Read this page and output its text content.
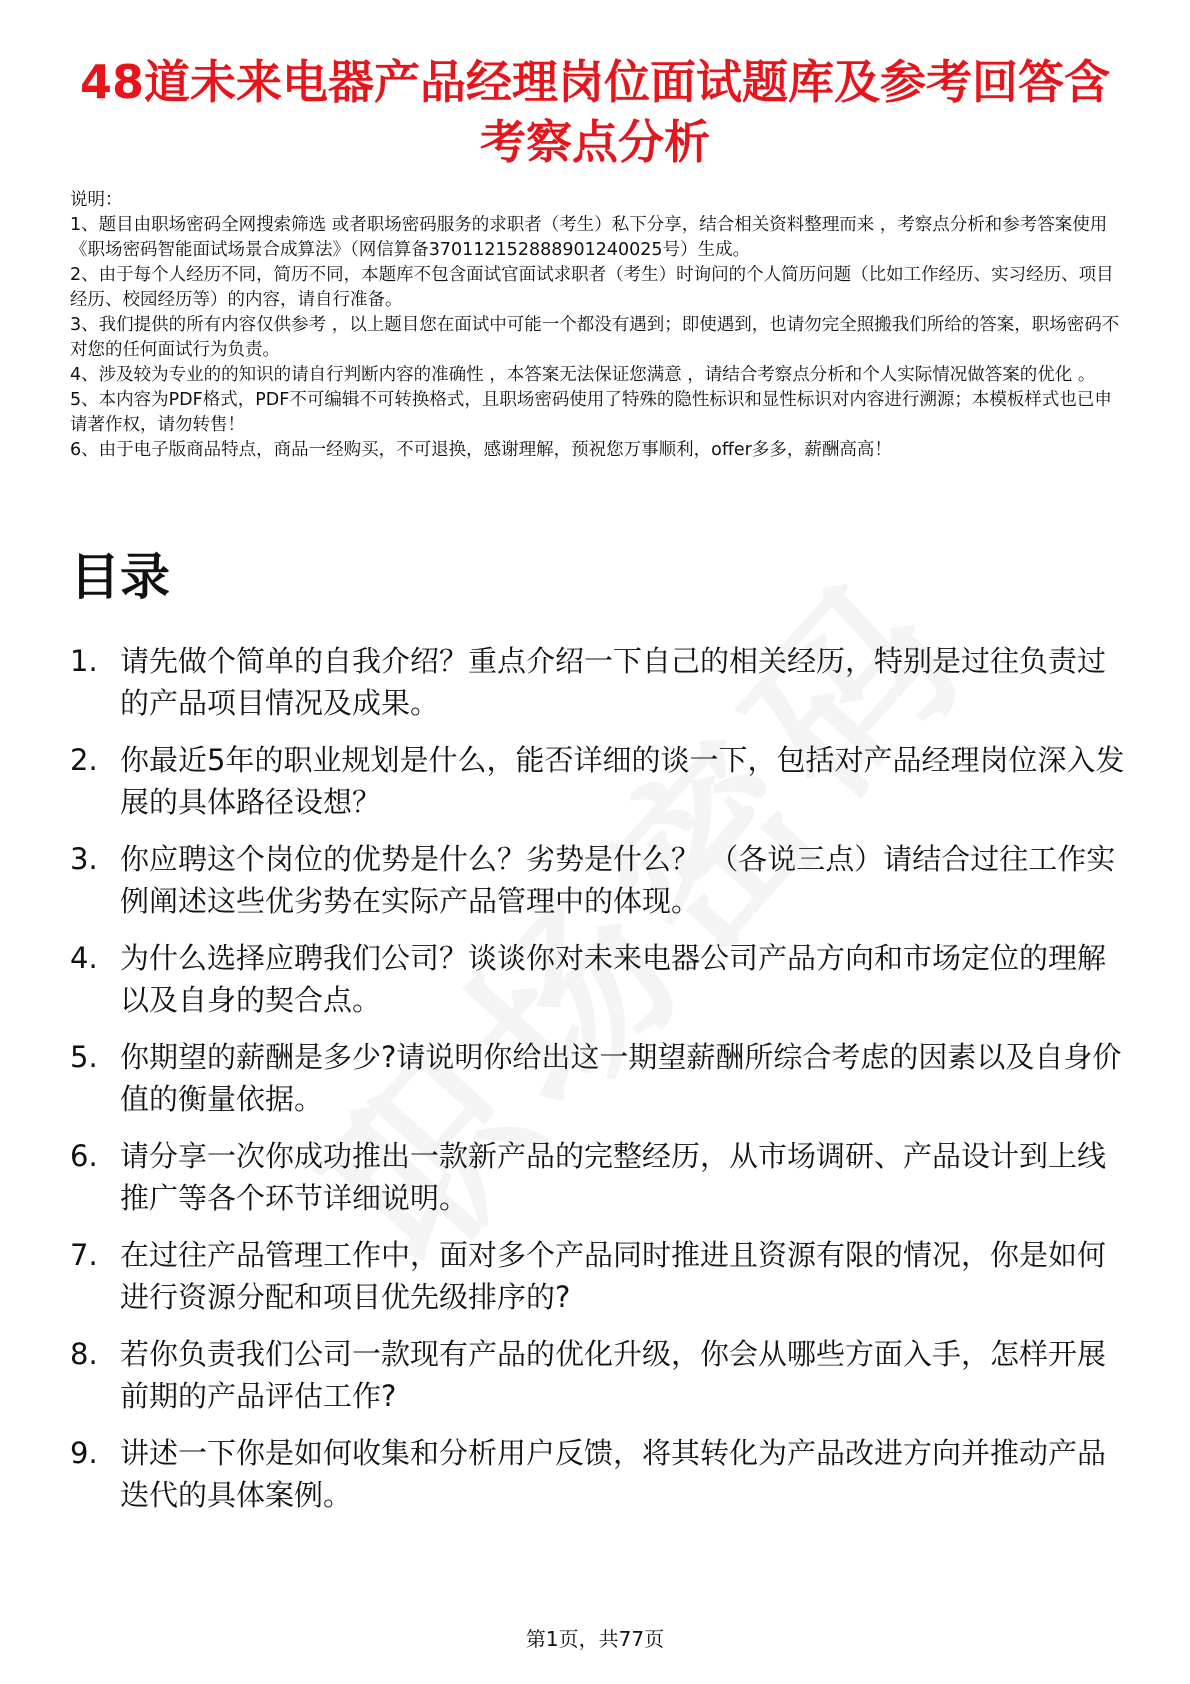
48道未来电器产品经理岗位面试题库及参考回答含考察点分析

说明：

1、题目由职场密码全网搜索筛选 或者职场密码服务的求职者（考生）私下分享，结合相关资料整理而来 ，考察点分析和参考答案使用《职场密码智能面试场景合成算法》（网信算备370112152888901240025号）生成。

2、由于每个人经历不同，简历不同，本题库不包含面试官面试求职者（考生）时询问的个人简历问题（比如工作经历、实习经历、项目经历、校园经历等）的内容，请自行准备。

3、我们提供的所有内容仅供参考 ，以上题目您在面试中可能一个都没有遇到；即使遇到，也请勿完全照搬我们所给的答案，职场密码不对您的任何面试行为负责。

4、涉及较为专业的的知识的请自行判断内容的准确性 ，本答案无法保证您满意 ，请结合考察点分析和个人实际情况做答案的优化 。

5、本内容为PDF格式，PDF不可编辑不可转换格式，且职场密码使用了特殊的隐性标识和显性标识对内容进行溯源；本模板样式也已申请著作权，请勿转售！

6、由于电子版商品特点，商品一经购买，不可退换，感谢理解，预祝您万事顺利，offer多多，薪酬高高！

目录
1. 请先做个简单的自我介绍？重点介绍一下自己的相关经历，特别是过往负责过的产品项目情况及成果。
2. 你最近5年的职业规划是什么，能否详细的谈一下，包括对产品经理岗位深入发展的具体路径设想？
3. 你应聘这个岗位的优势是什么？劣势是什么？ （各说三点）请结合过往工作实例阐述这些优劣势在实际产品管理中的体现。
4. 为什么选择应聘我们公司？谈谈你对未来电器公司产品方向和市场定位的理解以及自身的契合点。
5. 你期望的薪酬是多少?请说明你给出这一期望薪酬所综合考虑的因素以及自身价值的衡量依据。
6. 请分享一次你成功推出一款新产品的完整经历，从市场调研、产品设计到上线推广等各个环节详细说明。
7. 在过往产品管理工作中，面对多个产品同时推进且资源有限的情况，你是如何进行资源分配和项目优先级排序的?
8. 若你负责我们公司一款现有产品的优化升级，你会从哪些方面入手，怎样开展前期的产品评估工作?
9. 讲述一下你是如何收集和分析用户反馈，将其转化为产品改进方向并推动产品迭代的具体案例。
第1页，共77页
